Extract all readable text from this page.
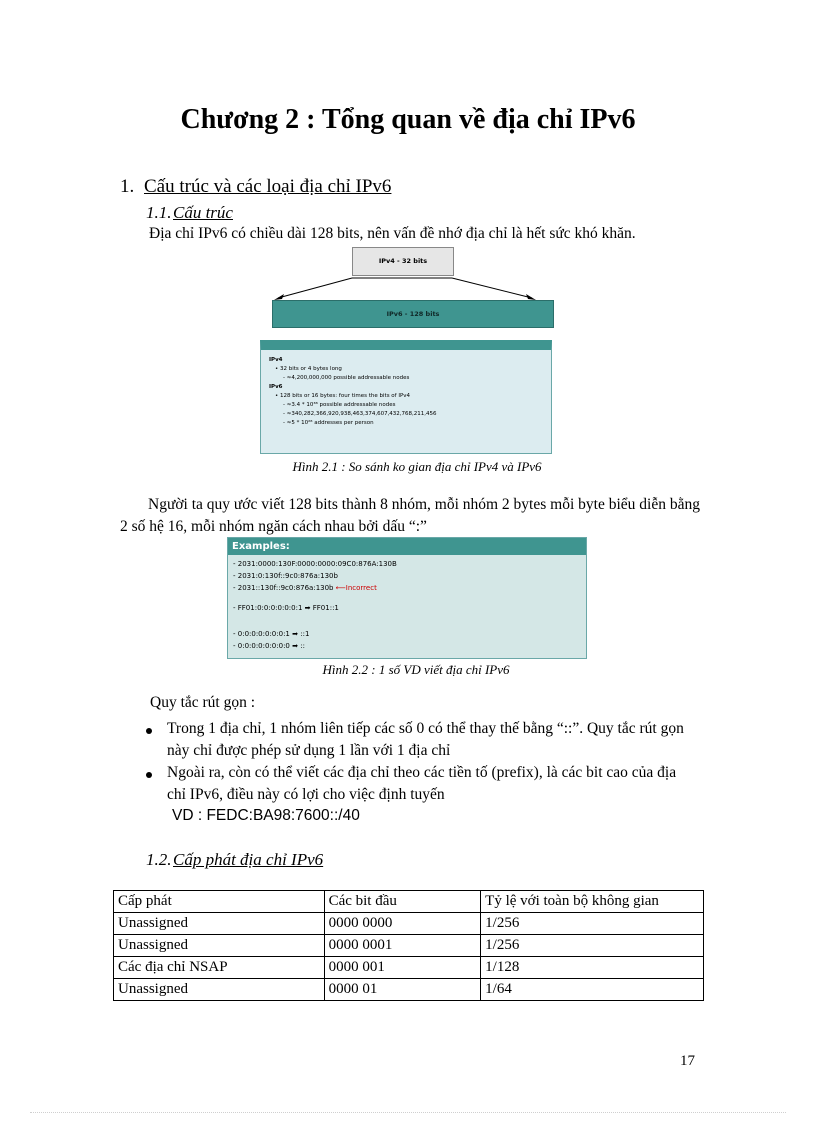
Chương 2 : Tổng quan về địa chỉ IPv6
1. Cấu trúc và các loại địa chỉ IPv6
1.1. Cấu trúc
Địa chỉ IPv6 có chiều dài 128 bits, nên vấn đề nhớ địa chỉ là hết sức khó khăn.
IPv4 - 32 bits
IPv6 - 128 bits
IPv4
• 32 bits or 4 bytes long
- ≈4,200,000,000 possible addressable nodes
IPv6
• 128 bits or 16 bytes: four times the bits of IPv4
- ≈3.4 * 10³⁸ possible addressable nodes
- ≈340,282,366,920,938,463,374,607,432,768,211,456
- ≈5 * 10²⁸ addresses per person
Hình 2.1 : So sánh ko gian địa chỉ IPv4 và IPv6
Người ta quy ước viết 128 bits thành 8 nhóm, mỗi nhóm 2 bytes mỗi byte biểu diễn bằng 2 số hệ 16, mỗi nhóm ngăn cách nhau bởi dấu “:”
Examples:
- 2031:0000:130F:0000:0000:09C0:876A:130B
- 2031:0:130f::9c0:876a:130b
- 2031::130f::9c0:876a:130b ⟵Incorrect
- FF01:0:0:0:0:0:0:1 ➡ FF01::1
- 0:0:0:0:0:0:0:1 ➡ ::1
- 0:0:0:0:0:0:0:0 ➡ ::
Hình 2.2 : 1 số VD viết địa chỉ IPv6
Quy tắc rút gọn :
Trong 1 địa chỉ, 1 nhóm liên tiếp các số 0 có thể thay thế bằng “::”. Quy tắc rút gọn này chỉ được phép sử dụng 1 lần với 1 địa chỉ
Ngoài ra, còn có thể viết các địa chỉ theo các tiền tố (prefix), là các bit cao của địa chỉ IPv6, điều này có lợi cho việc định tuyến
VD : FEDC:BA98:7600::/40
1.2. Cấp phát địa chỉ IPv6
Cấp phát	Các bit đầu	Tỷ lệ với toàn bộ không gian
Unassigned	0000 0000	1/256
Unassigned	0000 0001	1/256
Các địa chỉ NSAP	0000 001	1/128
Unassigned	0000 01	1/64
17
